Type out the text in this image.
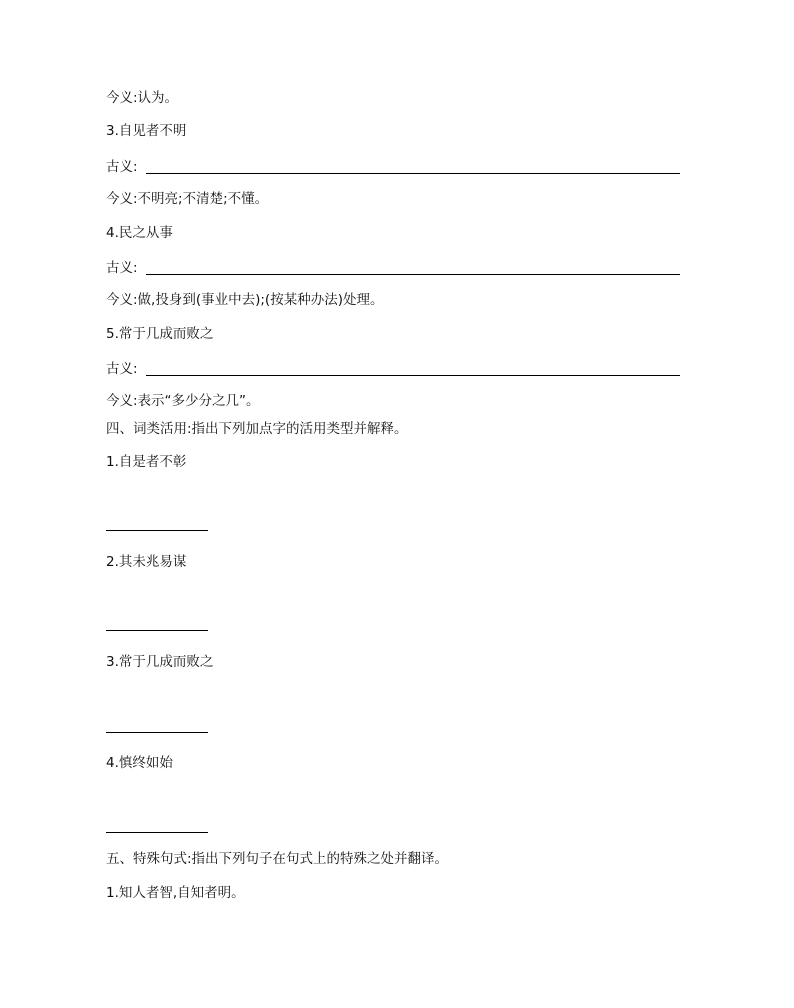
今义:认为。
3.自见者不明
古义:
今义:不明亮;不清楚;不懂。
4.民之从事
古义:
今义:做,投身到(事业中去);(按某种办法)处理。
5.常于几成而败之
古义:
今义:表示“多少分之几”。
四、词类活用:指出下列加点字的活用类型并解释。
1.自是者不彰
2.其未兆易谋
3.常于几成而败之
4.慎终如始
五、特殊句式:指出下列句子在句式上的特殊之处并翻译。
1.知人者智,自知者明。
